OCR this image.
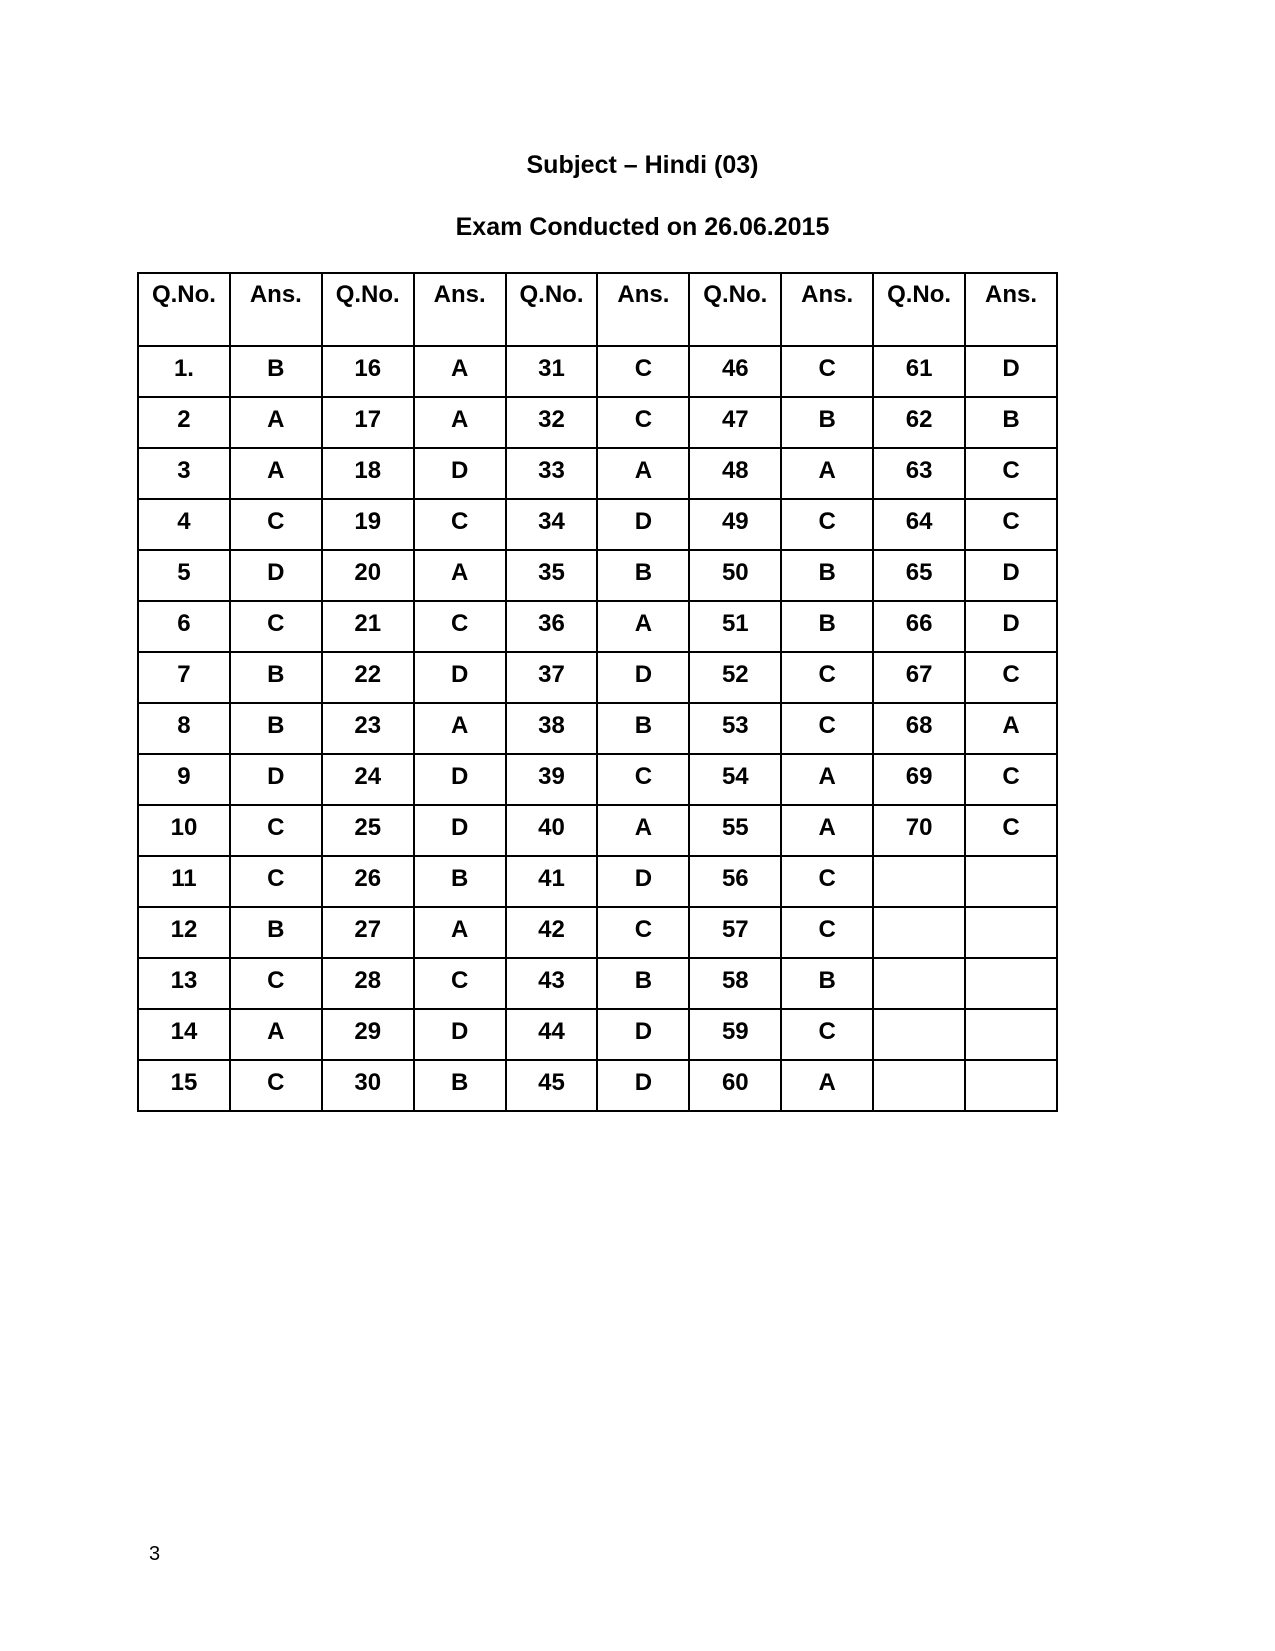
Subject – Hindi (03)
Exam Conducted on 26.06.2015
Q.No.	Ans.	Q.No.	Ans.	Q.No.	Ans.	Q.No.	Ans.	Q.No.	Ans.
1.	B	16	A	31	C	46	C	61	D
2	A	17	A	32	C	47	B	62	B
3	A	18	D	33	A	48	A	63	C
4	C	19	C	34	D	49	C	64	C
5	D	20	A	35	B	50	B	65	D
6	C	21	C	36	A	51	B	66	D
7	B	22	D	37	D	52	C	67	C
8	B	23	A	38	B	53	C	68	A
9	D	24	D	39	C	54	A	69	C
10	C	25	D	40	A	55	A	70	C
11	C	26	B	41	D	56	C		
12	B	27	A	42	C	57	C		
13	C	28	C	43	B	58	B		
14	A	29	D	44	D	59	C		
15	C	30	B	45	D	60	A		
3
